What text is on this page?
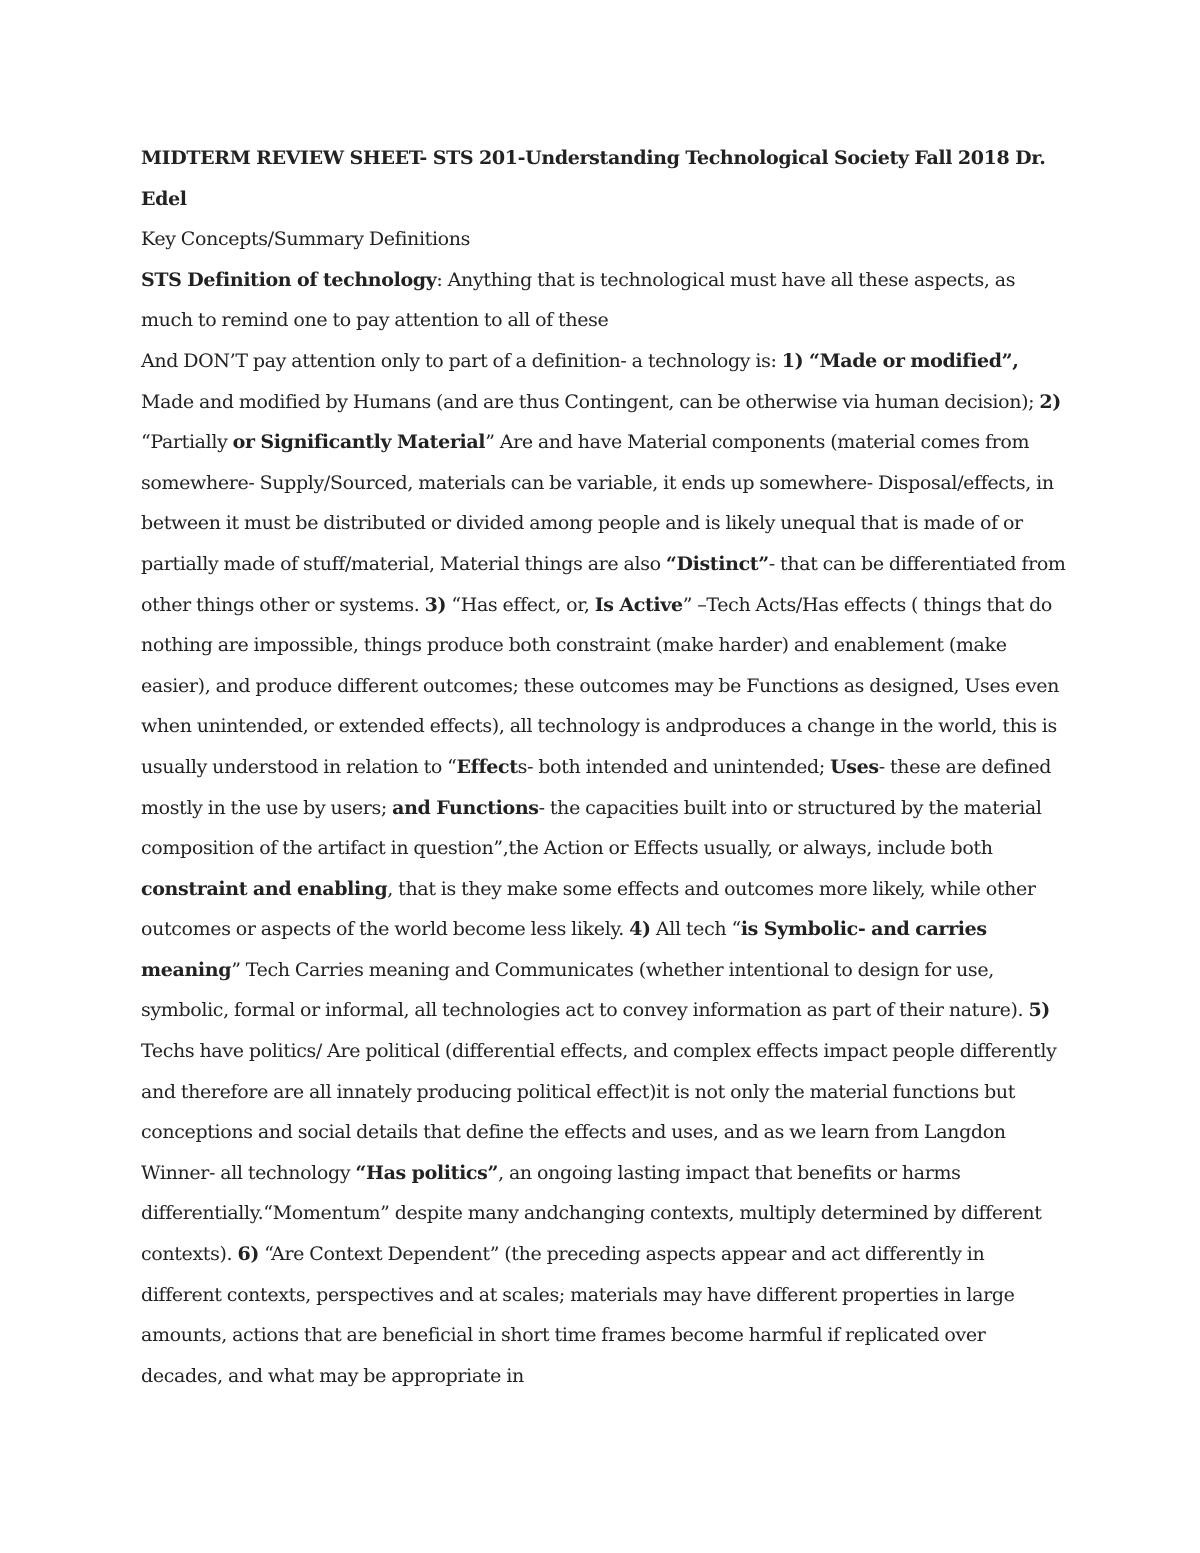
MIDTERM REVIEW SHEET- STS 201-Understanding Technological Society Fall 2018 Dr. Edel

Key Concepts/Summary Definitions

STS Definition of technology: Anything that is technological must have all these aspects, as much to remind one to pay attention to all of these

And DON’T pay attention only to part of a definition- a technology is: 1) “Made or modified”, Made and modified by Humans (and are thus Contingent, can be otherwise via human decision); 2) “Partially or Significantly Material” Are and have Material components (material comes from somewhere- Supply/Sourced, materials can be variable, it ends up somewhere- Disposal/effects, in between it must be distributed or divided among people and is likely unequal that is made of or partially made of stuff/material, Material things are also “Distinct”- that can be differentiated from other things other or systems. 3) “Has effect, or, Is Active” –Tech Acts/Has effects ( things that do nothing are impossible, things produce both constraint (make harder) and enablement (make easier), and produce different outcomes; these outcomes may be Functions as designed, Uses even when unintended, or extended effects), all technology is andproduces a change in the world, this is usually understood in relation to “Effects- both intended and unintended; Uses- these are defined mostly in the use by users; and Functions- the capacities built into or structured by the material composition of the artifact in question”,the Action or Effects usually, or always, include both constraint and enabling, that is they make some effects and outcomes more likely, while other outcomes or aspects of the world become less likely. 4) All tech “is Symbolic- and carries meaning” Tech Carries meaning and Communicates (whether intentional to design for use, symbolic, formal or informal, all technologies act to convey information as part of their nature). 5) Techs have politics/ Are political (differential effects, and complex effects impact people differently and therefore are all innately producing political effect)it is not only the material functions but conceptions and social details that define the effects and uses, and as we learn from Langdon Winner- all technology “Has politics”, an ongoing lasting impact that benefits or harms differentially.“Momentum” despite many andchanging contexts, multiply determined by different contexts). 6) “Are Context Dependent” (the preceding aspects appear and act differently in different contexts, perspectives and at scales; materials may have different properties in large amounts, actions that are beneficial in short time frames become harmful if replicated over decades, and what may be appropriate in
